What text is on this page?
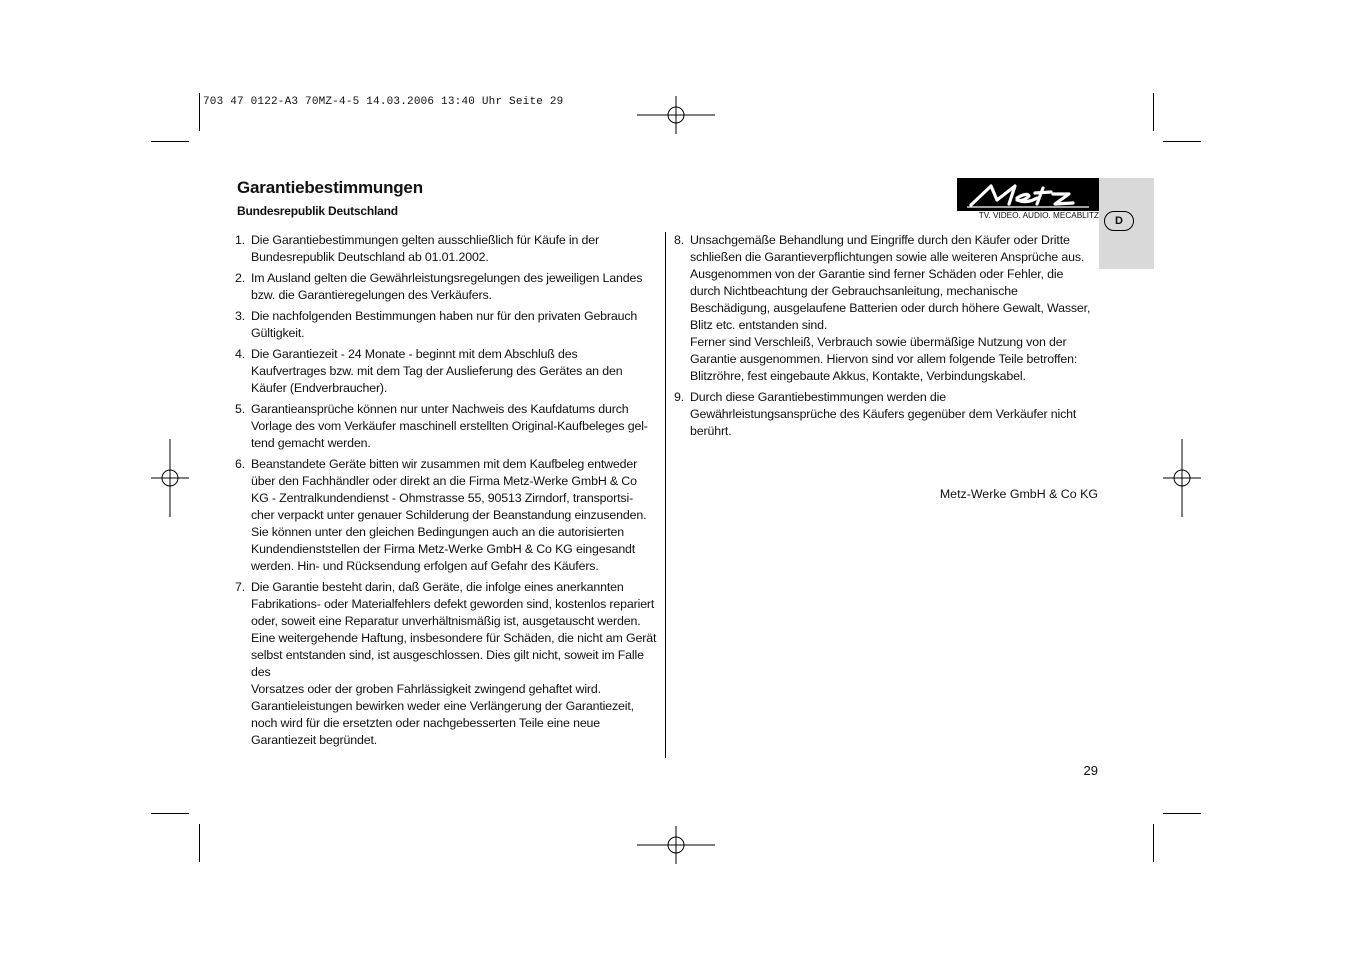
703 47 0122-A3 70MZ-4-5 14.03.2006 13:40 Uhr Seite 29
Garantiebestimmungen
Bundesrepublik Deutschland	TV. VIDEO. AUDIO. MECABLITZ	D
1. Die Garantiebestimmungen gelten ausschließlich für Käufe in der
Bundesrepublik Deutschland ab 01.01.2002.
2. Im Ausland gelten die Gewährleistungsregelungen des jeweiligen Landes
bzw. die Garantieregelungen des Verkäufers.
3. Die nachfolgenden Bestimmungen haben nur für den privaten Gebrauch
Gültigkeit.
4. Die Garantiezeit - 24 Monate - beginnt mit dem Abschluß des
Kaufvertrages bzw. mit dem Tag der Auslieferung des Gerätes an den
Käufer (Endverbraucher).
5. Garantieansprüche können nur unter Nachweis des Kaufdatums durch
Vorlage des vom Verkäufer maschinell erstellten Original-Kaufbeleges gel-
tend gemacht werden.
6. Beanstandete Geräte bitten wir zusammen mit dem Kaufbeleg entweder
über den Fachhändler oder direkt an die Firma Metz-Werke GmbH & Co
KG - Zentralkundendienst - Ohmstrasse 55, 90513 Zirndorf, transportsi-
cher verpackt unter genauer Schilderung der Beanstandung einzusenden.
Sie können unter den gleichen Bedingungen auch an die autorisierten
Kundendienststellen der Firma Metz-Werke GmbH & Co KG eingesandt
werden. Hin- und Rücksendung erfolgen auf Gefahr des Käufers.
7. Die Garantie besteht darin, daß Geräte, die infolge eines anerkannten
Fabrikations- oder Materialfehlers defekt geworden sind, kostenlos repariert
oder, soweit eine Reparatur unverhältnismäßig ist, ausgetauscht werden.
Eine weitergehende Haftung, insbesondere für Schäden, die nicht am Gerät
selbst entstanden sind, ist ausgeschlossen. Dies gilt nicht, soweit im Falle des
Vorsatzes oder der groben Fahrlässigkeit zwingend gehaftet wird.
Garantieleistungen bewirken weder eine Verlängerung der Garantiezeit,
noch wird für die ersetzten oder nachgebesserten Teile eine neue
Garantiezeit begründet.
8. Unsachgemäße Behandlung und Eingriffe durch den Käufer oder Dritte
schließen die Garantieverpflichtungen sowie alle weiteren Ansprüche aus.
Ausgenommen von der Garantie sind ferner Schäden oder Fehler, die
durch Nichtbeachtung der Gebrauchsanleitung, mechanische
Beschädigung, ausgelaufene Batterien oder durch höhere Gewalt, Wasser,
Blitz etc. entstanden sind.
Ferner sind Verschleiß, Verbrauch sowie übermäßige Nutzung von der
Garantie ausgenommen. Hiervon sind vor allem folgende Teile betroffen:
Blitzröhre, fest eingebaute Akkus, Kontakte, Verbindungskabel.
9. Durch diese Garantiebestimmungen werden die
Gewährleistungsansprüche des Käufers gegenüber dem Verkäufer nicht
berührt.
Metz-Werke GmbH & Co KG
29
